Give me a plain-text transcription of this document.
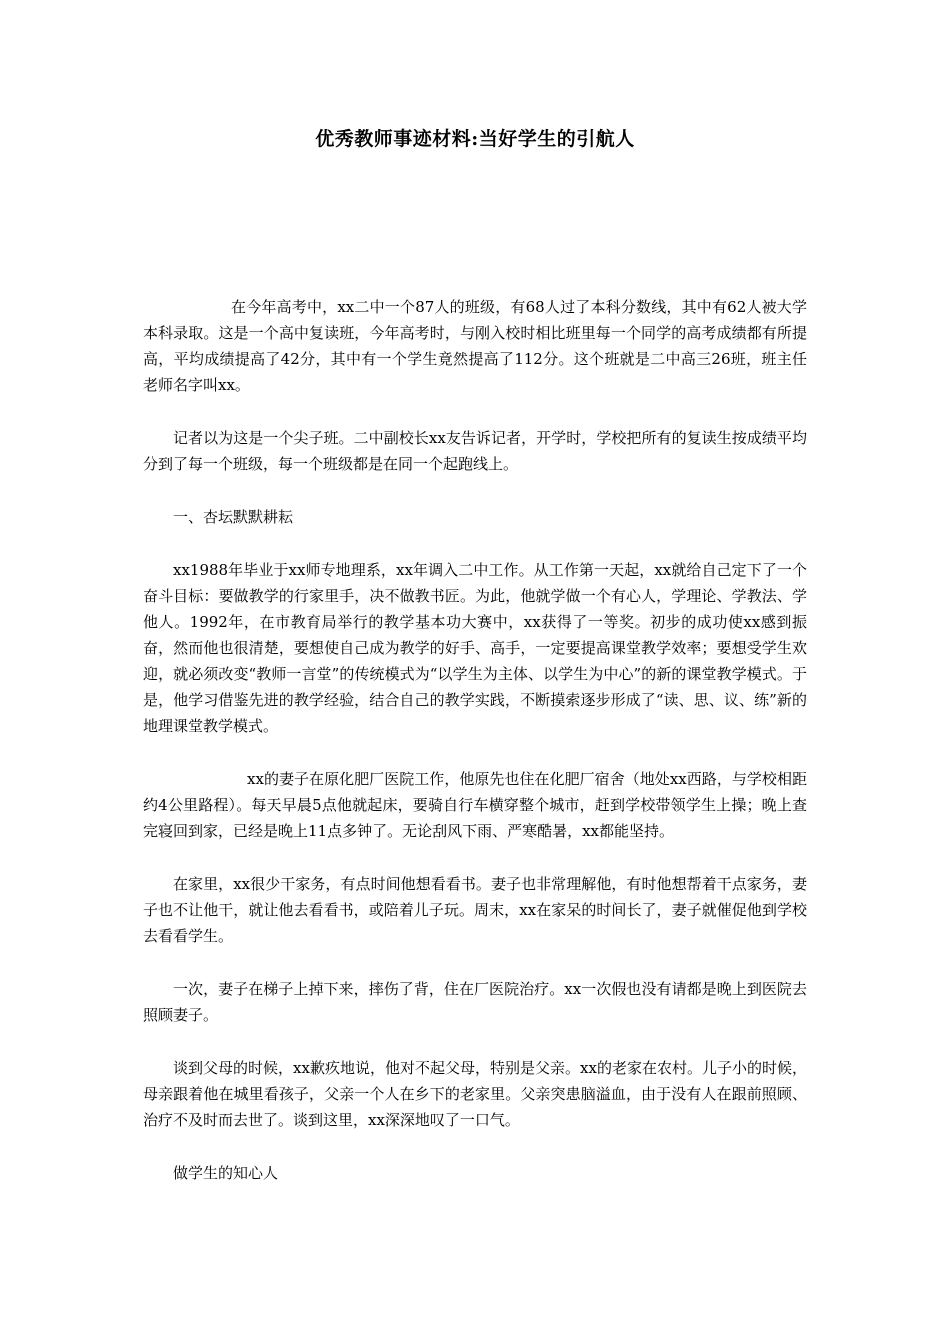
优秀教师事迹材料:当好学生的引航人

在今年高考中，xx二中一个87人的班级，有68人过了本科分数线，其中有62人被大学本科录取。这是一个高中复读班，今年高考时，与刚入校时相比班里每一个同学的高考成绩都有所提高，平均成绩提高了42分，其中有一个学生竟然提高了112分。这个班就是二中高三26班，班主任老师名字叫xx。

记者以为这是一个尖子班。二中副校长xx友告诉记者，开学时，学校把所有的复读生按成绩平均分到了每一个班级，每一个班级都是在同一个起跑线上。

一、杏坛默默耕耘

xx1988年毕业于xx师专地理系，xx年调入二中工作。从工作第一天起，xx就给自己定下了一个奋斗目标：要做教学的行家里手，决不做教书匠。为此，他就学做一个有心人，学理论、学教法、学他人。1992年，在市教育局举行的教学基本功大赛中，xx获得了一等奖。初步的成功使xx感到振奋，然而他也很清楚，要想使自己成为教学的好手、高手，一定要提高课堂教学效率；要想受学生欢迎，就必须改变“教师一言堂”的传统模式为“以学生为主体、以学生为中心”的新的课堂教学模式。于是，他学习借鉴先进的教学经验，结合自己的教学实践，不断摸索逐步形成了“读、思、议、练”新的地理课堂教学模式。

xx的妻子在原化肥厂医院工作，他原先也住在化肥厂宿舍（地处xx西路，与学校相距约4公里路程）。每天早晨5点他就起床，要骑自行车横穿整个城市，赶到学校带领学生上操；晚上查完寝回到家，已经是晚上11点多钟了。无论刮风下雨、严寒酷暑，xx都能坚持。

在家里，xx很少干家务，有点时间他想看看书。妻子也非常理解他，有时他想帮着干点家务，妻子也不让他干，就让他去看看书，或陪着儿子玩。周末，xx在家呆的时间长了，妻子就催促他到学校去看看学生。

一次，妻子在梯子上掉下来，摔伤了背，住在厂医院治疗。xx一次假也没有请都是晚上到医院去照顾妻子。

谈到父母的时候，xx歉疚地说，他对不起父母，特别是父亲。xx的老家在农村。儿子小的时候，母亲跟着他在城里看孩子，父亲一个人在乡下的老家里。父亲突患脑溢血，由于没有人在跟前照顾、治疗不及时而去世了。谈到这里，xx深深地叹了一口气。

做学生的知心人
